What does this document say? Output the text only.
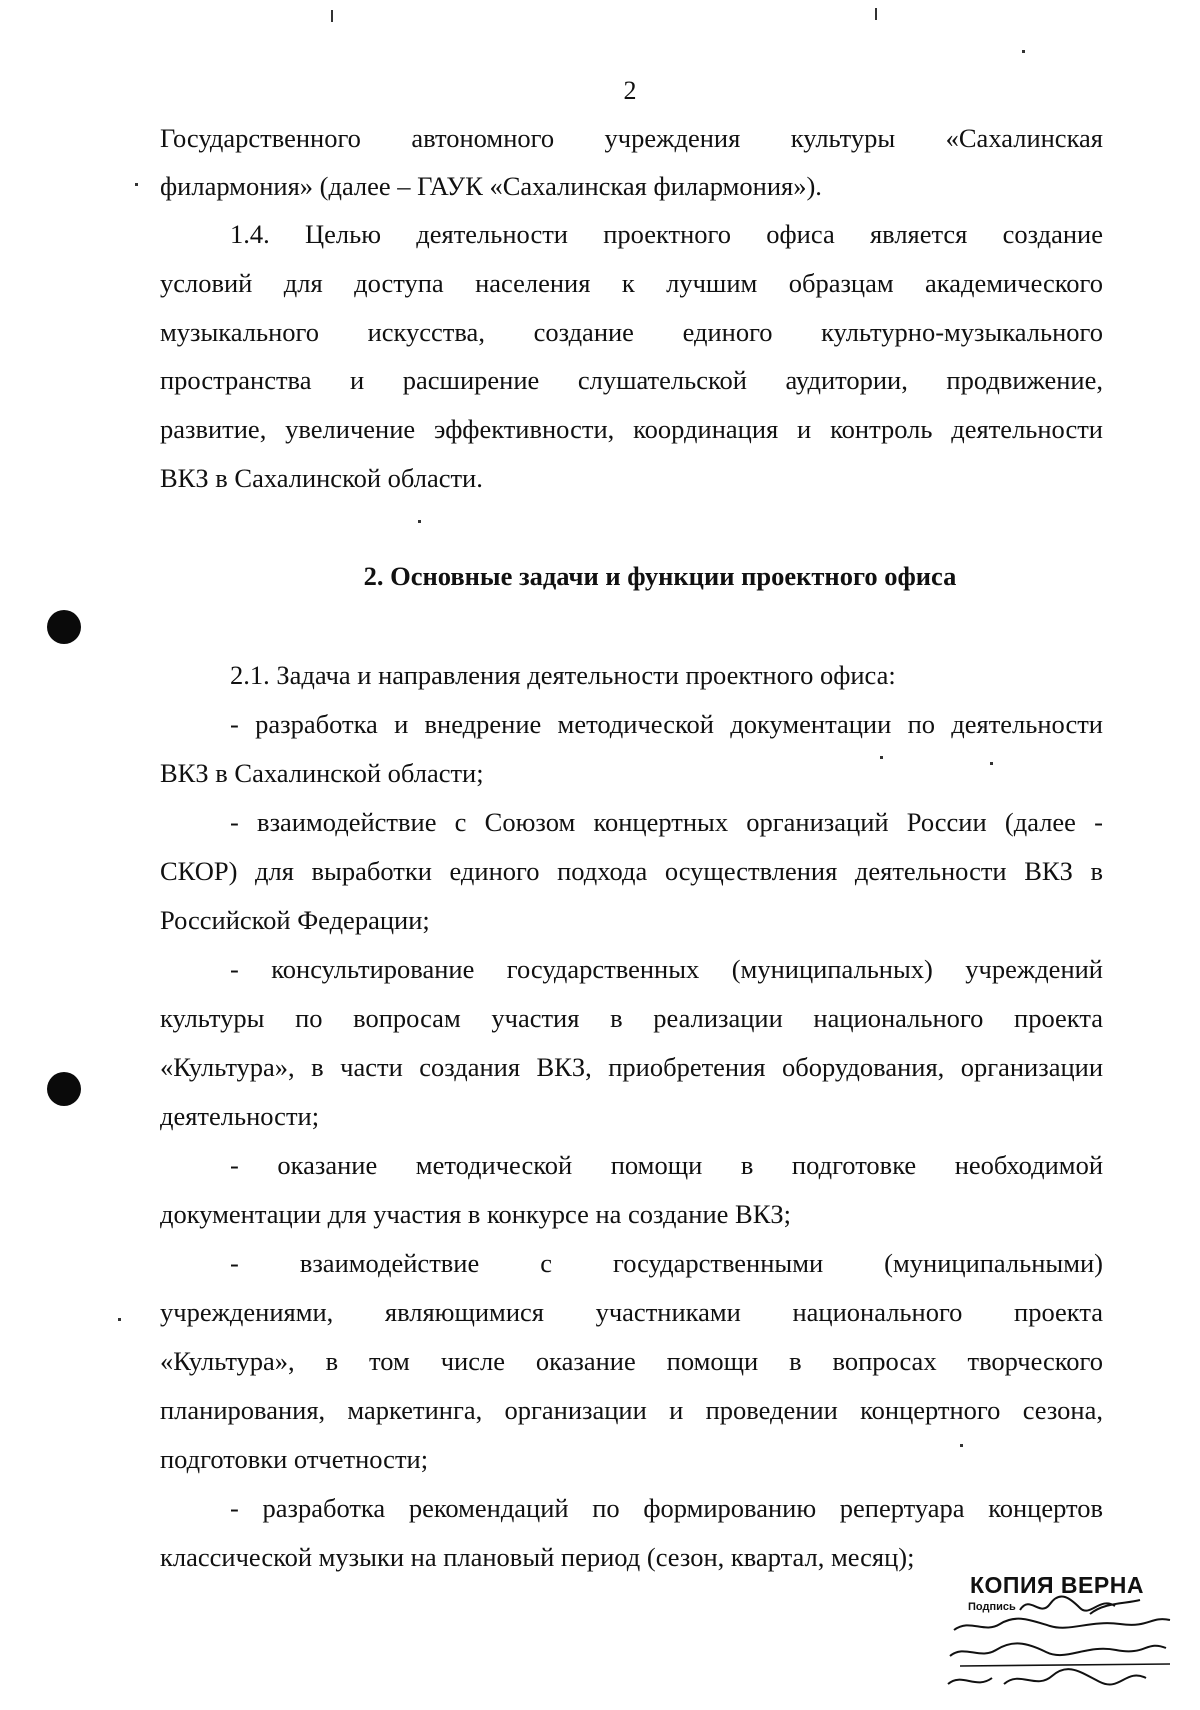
2
Государственного автономного учреждения культуры «Сахалинская
филармония» (далее – ГАУК «Сахалинская филармония»).
1.4. Целью деятельности проектного офиса является создание
условий для доступа населения к лучшим образцам академического
музыкального искусства, создание единого культурно-музыкального
пространства и расширение слушательской аудитории, продвижение,
развитие, увеличение эффективности, координация и контроль деятельности
ВКЗ в Сахалинской области.
2. Основные задачи и функции проектного офиса
2.1. Задача и направления деятельности проектного офиса:
- разработка и внедрение методической документации по деятельности
ВКЗ в Сахалинской области;
- взаимодействие с Союзом концертных организаций России (далее -
СКОР) для выработки единого подхода осуществления деятельности ВКЗ в
Российской Федерации;
- консультирование государственных (муниципальных) учреждений
культуры по вопросам участия в реализации национального проекта
«Культура», в части создания ВКЗ, приобретения оборудования, организации
деятельности;
- оказание методической помощи в подготовке необходимой
документации для участия в конкурсе на создание ВКЗ;
- взаимодействие с государственными (муниципальными)
учреждениями, являющимися участниками национального проекта
«Культура», в том числе оказание помощи в вопросах творческого
планирования, маркетинга, организации и проведении концертного сезона,
подготовки отчетности;
- разработка рекомендаций по формированию репертуара концертов
классической музыки на плановый период (сезон, квартал, месяц);
КОПИЯ ВЕРНА
Подпись
